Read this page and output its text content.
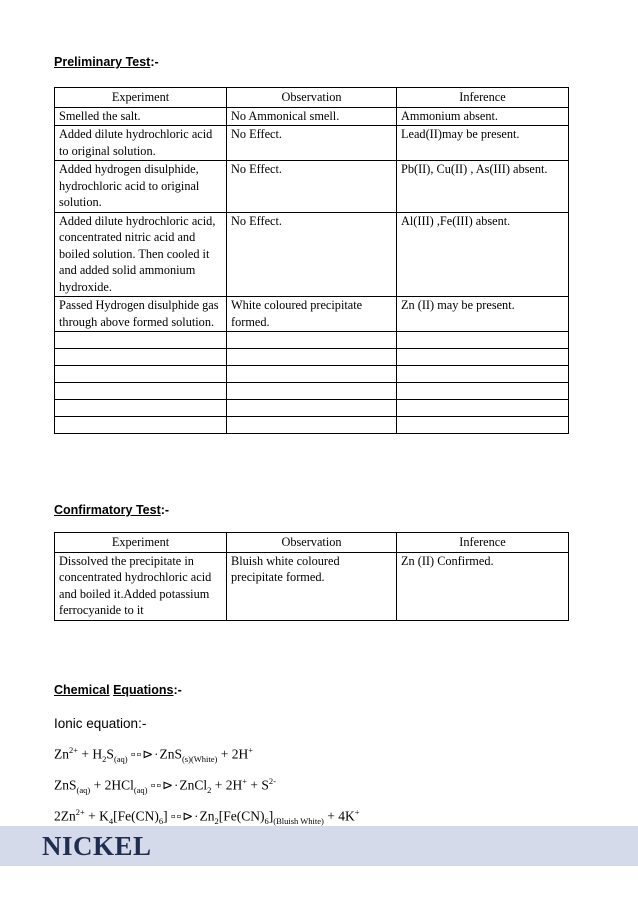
Preliminary Test:-
Experiment	Observation	Inference
Smelled the salt.	No Ammonical smell.	Ammonium absent.
Added dilute hydrochloric acid to original solution.	No Effect.	Lead(II)may be present.
Added hydrogen disulphide, hydrochloric acid to original solution.	No Effect.	Pb(II), Cu(II) , As(III) absent.
Added dilute hydrochloric acid, concentrated nitric acid and boiled solution. Then cooled it and added solid ammonium hydroxide.	No Effect.	Al(III) ,Fe(III) absent.
Passed Hydrogen disulphide gas through above formed solution.	White coloured precipitate formed.	Zn (II) may be present.

Confirmatory Test:-
Experiment	Observation	Inference
Dissolved the precipitate in concentrated hydrochloric acid and boiled it.Added potassium ferrocyanide to it	Bluish white coloured precipitate formed.	Zn (II) Confirmed.
Chemical Equations:-
Ionic equation:-
$Zn^{2+} + H_2S_{(aq)}$ ▫▫⊳·ZnS$_{(s)(White)}$ + 2H+
ZnS$_{(aq)}$ + 2HCl$_{(aq)}$ ▫▫⊳·ZnCl$_2$ + $2H^+ + S^{2-}$
$2Zn^{2+} + K_4[Fe(CN)_6]$ $▫▫⊳\cdot Zn_2[Fe(CN)_6]_{(Bluish White)} + 4K^+$
NICKEL
